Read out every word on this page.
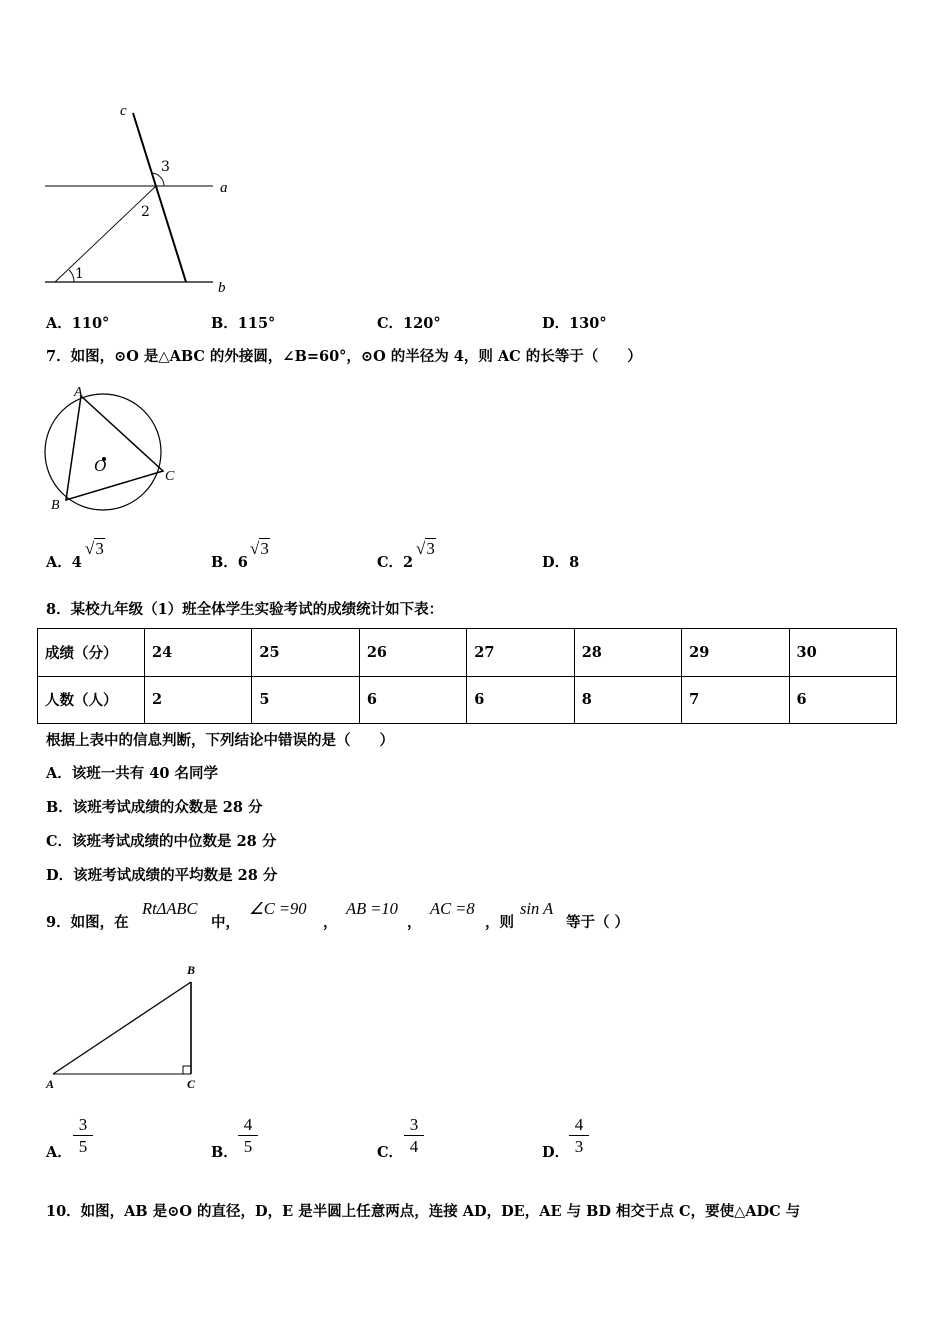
c
a
b
3
2
1
A．110°	B．115°	C．120°	D．130°
7．如图，⊙O 是△ABC 的外接圆，∠B=60°，⊙O 的半径为 4，则 AC 的长等于（　　）
A
B
C
O
A．4
√3
B．6
√3
C．2
√3
D．8
8．某校九年级（1）班全体学生实验考试的成绩统计如下表：
成绩（分）	24	25	26	27	28	29	30
人数（人）	2	5	6	6	8	7	6
根据上表中的信息判断，下列结论中错误的是（　　）
A．该班一共有 40 名同学
B．该班考试成绩的众数是 28 分
C．该班考试成绩的中位数是 28 分
D．该班考试成绩的平均数是 28 分
9．如图，在
RtΔABC
中，
∠C =90
，
AB =10
，
AC =8
，则
sin A
等于（ ）
A
B
C
A． $\frac{3}{5}$	B． $\frac{4}{5}$	C． $\frac{3}{4}$	D． $\frac{4}{3}$
10．如图，AB 是⊙O 的直径，D，E 是半圆上任意两点，连接 AD，DE，AE 与 BD 相交于点 C，要使△ADC 与
